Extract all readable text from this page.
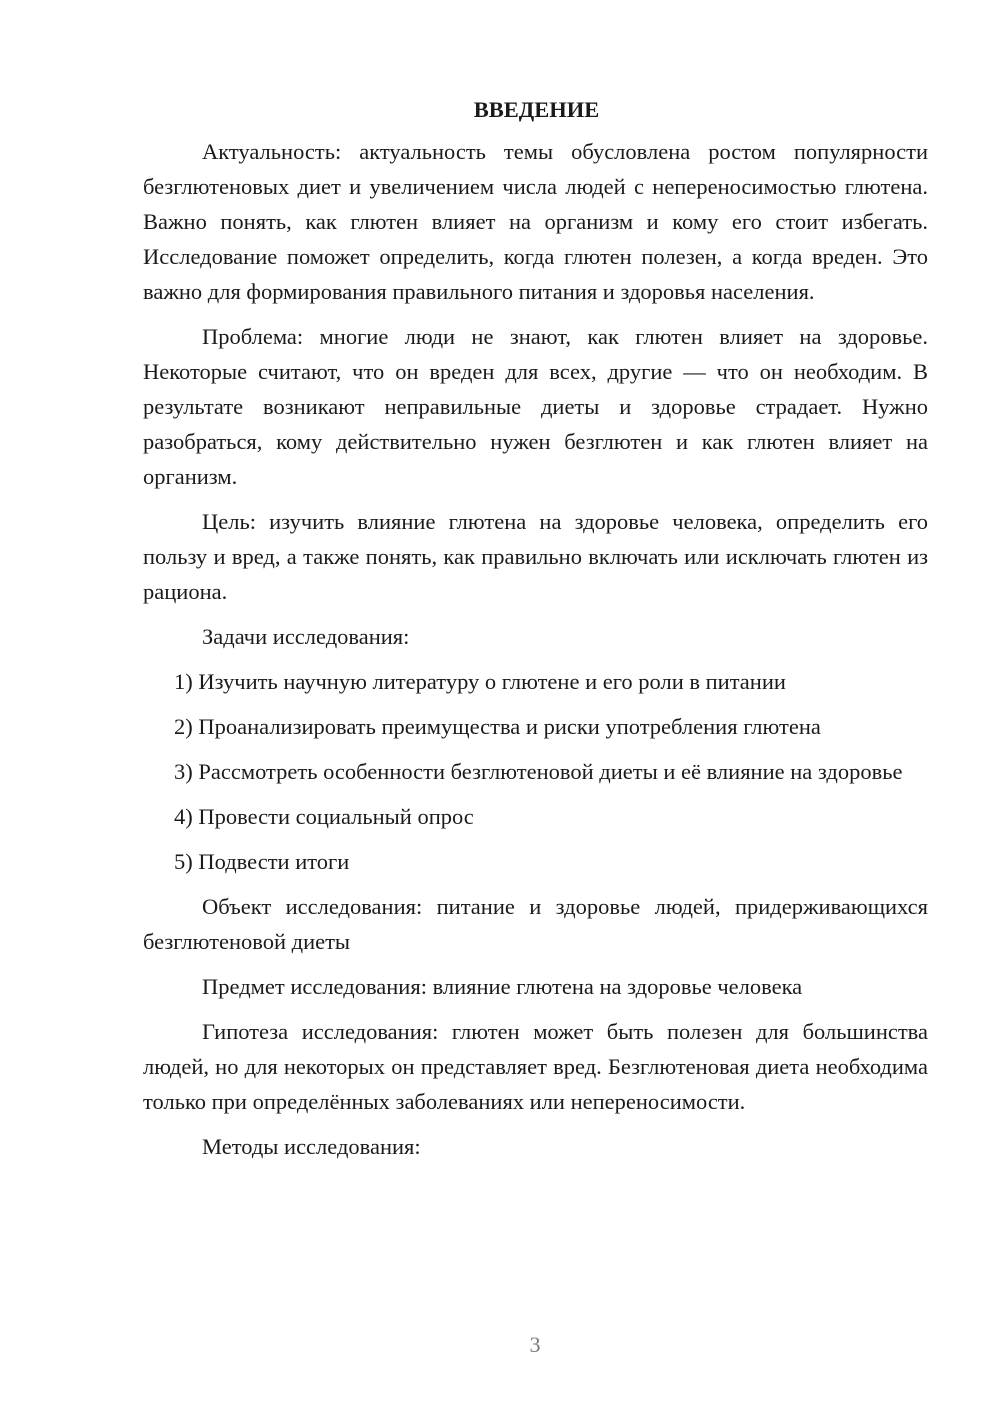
ВВЕДЕНИЕ

Актуальность: актуальность темы обусловлена ростом популярности безглютеновых диет и увеличением числа людей с непереносимостью глютена. Важно понять, как глютен влияет на организм и кому его стоит избегать. Исследование поможет определить, когда глютен полезен, а когда вреден. Это важно для формирования правильного питания и здоровья населения.

Проблема: многие люди не знают, как глютен влияет на здоровье. Некоторые считают, что он вреден для всех, другие — что он необходим. В результате возникают неправильные диеты и здоровье страдает. Нужно разобраться, кому действительно нужен безглютен и как глютен влияет на организм.

Цель: изучить влияние глютена на здоровье человека, определить его пользу и вред, а также понять, как правильно включать или исключать глютен из рациона.

Задачи исследования:

1) Изучить научную литературу о глютене и его роли в питании

2) Проанализировать преимущества и риски употребления глютена

3) Рассмотреть особенности безглютеновой диеты и её влияние на здоровье

4) Провести социальный опрос

5) Подвести итоги

Объект исследования: питание и здоровье людей, придерживающихся безглютеновой диеты

Предмет исследования: влияние глютена на здоровье человека

Гипотеза исследования: глютен может быть полезен для большинства людей, но для некоторых он представляет вред. Безглютеновая диета необходима только при определённых заболеваниях или непереносимости.

Методы исследования:

3
